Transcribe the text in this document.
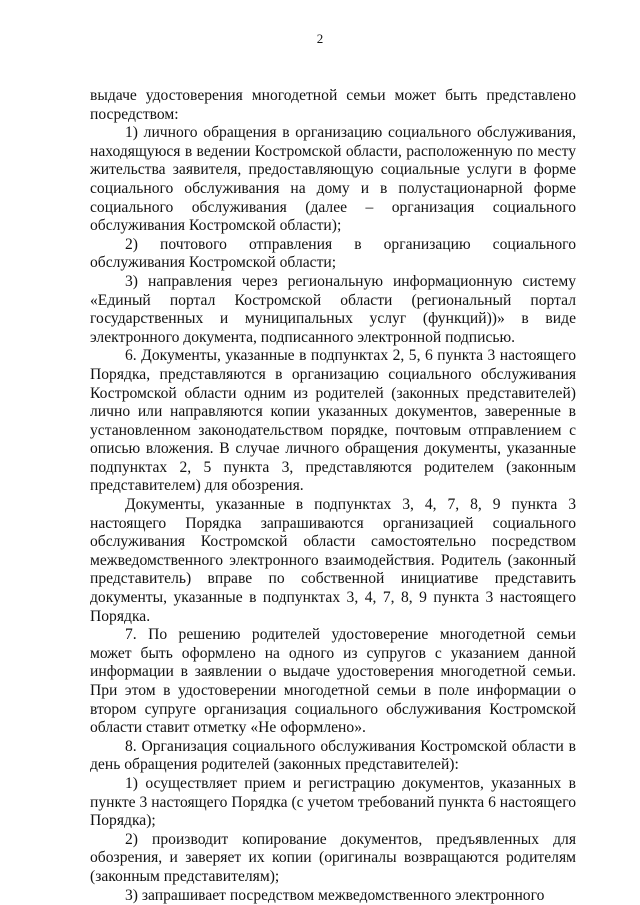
2

выдаче удостоверения многодетной семьи может быть представлено посредством:

1) личного обращения в организацию социального обслуживания, находящуюся в ведении Костромской области, расположенную по месту жительства заявителя, предоставляющую социальные услуги в форме социального обслуживания на дому и в полустационарной форме социального обслуживания (далее – организация социального обслуживания Костромской области);

2) почтового отправления в организацию социального обслуживания Костромской области;

3) направления через региональную информационную систему «Единый портал Костромской области (региональный портал государственных и муниципальных услуг (функций))» в виде электронного документа, подписанного электронной подписью.

6. Документы, указанные в подпунктах 2, 5, 6 пункта 3 настоящего Порядка, представляются в организацию социального обслуживания Костромской области одним из родителей (законных представителей) лично или направляются копии указанных документов, заверенные в установленном законодательством порядке, почтовым отправлением с описью вложения. В случае личного обращения документы, указанные подпунктах 2, 5 пункта 3, представляются родителем (законным представителем) для обозрения.

Документы, указанные в подпунктах 3, 4, 7, 8, 9 пункта 3 настоящего Порядка запрашиваются организацией социального обслуживания Костромской области самостоятельно посредством межведомственного электронного взаимодействия. Родитель (законный представитель) вправе по собственной инициативе представить документы, указанные в подпунктах 3, 4, 7, 8, 9 пункта 3 настоящего Порядка.

7. По решению родителей удостоверение многодетной семьи может быть оформлено на одного из супругов с указанием данной информации в заявлении о выдаче удостоверения многодетной семьи. При этом в удостоверении многодетной семьи в поле информации о втором супруге организация социального обслуживания Костромской области ставит отметку «Не оформлено».

8. Организация социального обслуживания Костромской области в день обращения родителей (законных представителей):

1) осуществляет прием и регистрацию документов, указанных в пункте 3 настоящего Порядка (с учетом требований пункта 6 настоящего Порядка);

2) производит копирование документов, предъявленных для обозрения, и заверяет их копии (оригиналы возвращаются родителям (законным представителям);

3) запрашивает посредством межведомственного электронного
